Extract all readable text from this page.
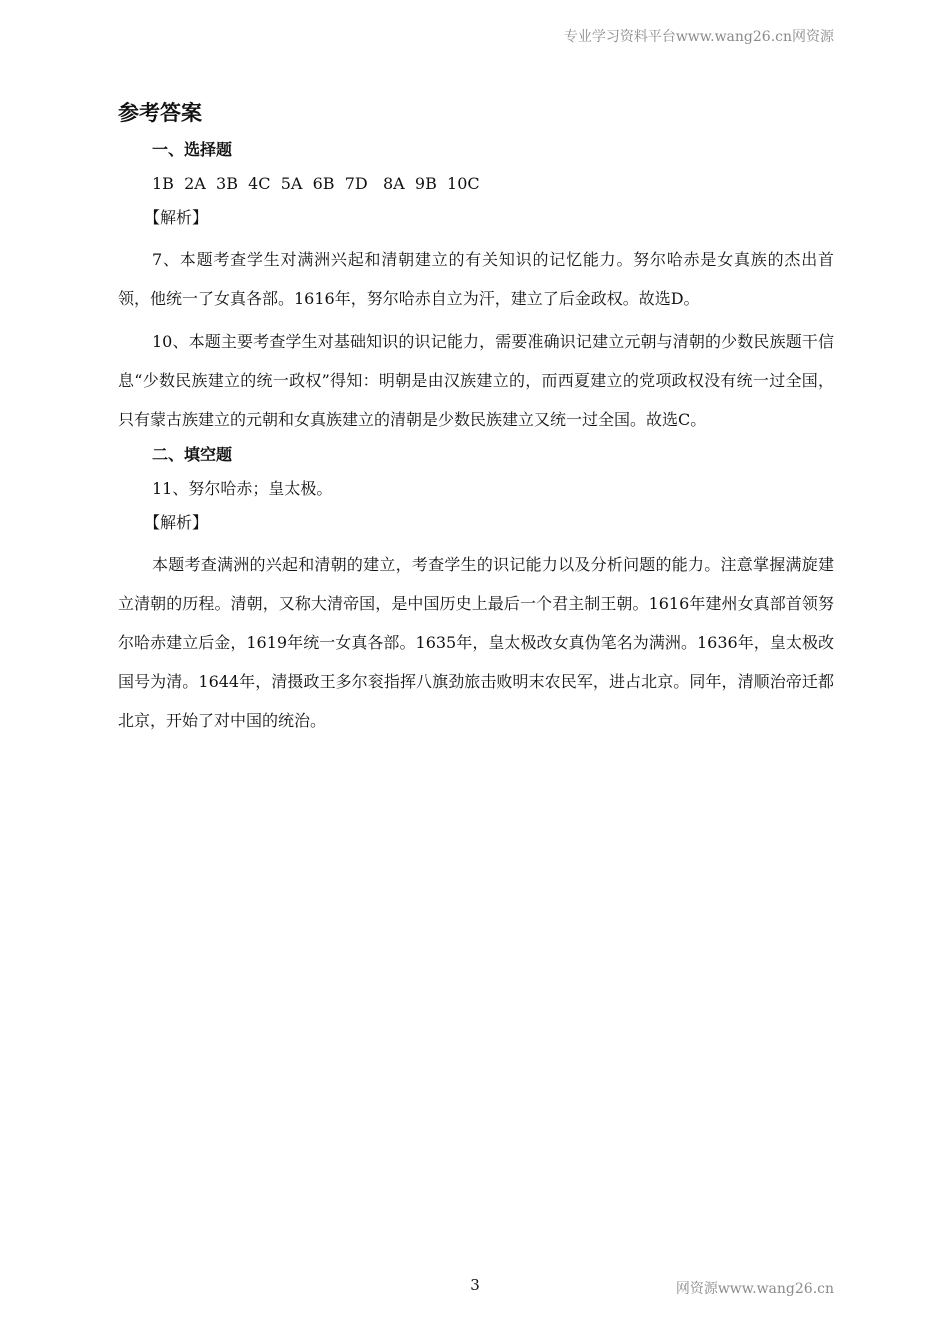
专业学习资料平台www.wang26.cn网资源
参考答案
一、选择题
1B  2A  3B  4C  5A  6B  7D   8A  9B  10C
【解析】

7、本题考查学生对满洲兴起和清朝建立的有关知识的记忆能力。努尔哈赤是女真族的杰出首领，他统一了女真各部。1616年，努尔哈赤自立为汗，建立了后金政权。故选D。

10、本题主要考查学生对基础知识的识记能力，需要准确识记建立元朝与清朝的少数民族题干信息“少数民族建立的统一政权”得知：明朝是由汉族建立的，而西夏建立的党项政权没有统一过全国，只有蒙古族建立的元朝和女真族建立的清朝是少数民族建立又统一过全国。故选C。

二、填空题
11、努尔哈赤；皇太极。
【解析】

本题考查满洲的兴起和清朝的建立，考查学生的识记能力以及分析问题的能力。注意掌握满旋建立清朝的历程。清朝，又称大清帝国，是中国历史上最后一个君主制王朝。1616年建州女真部首领努尔哈赤建立后金，1619年统一女真各部。1635年，皇太极改女真伪笔名为满洲。1636年，皇太极改国号为清。1644年，清摄政王多尔衮指挥八旗劲旅击败明末农民军，进占北京。同年，清顺治帝迁都北京，开始了对中国的统治。

3	网资源www.wang26.cn
